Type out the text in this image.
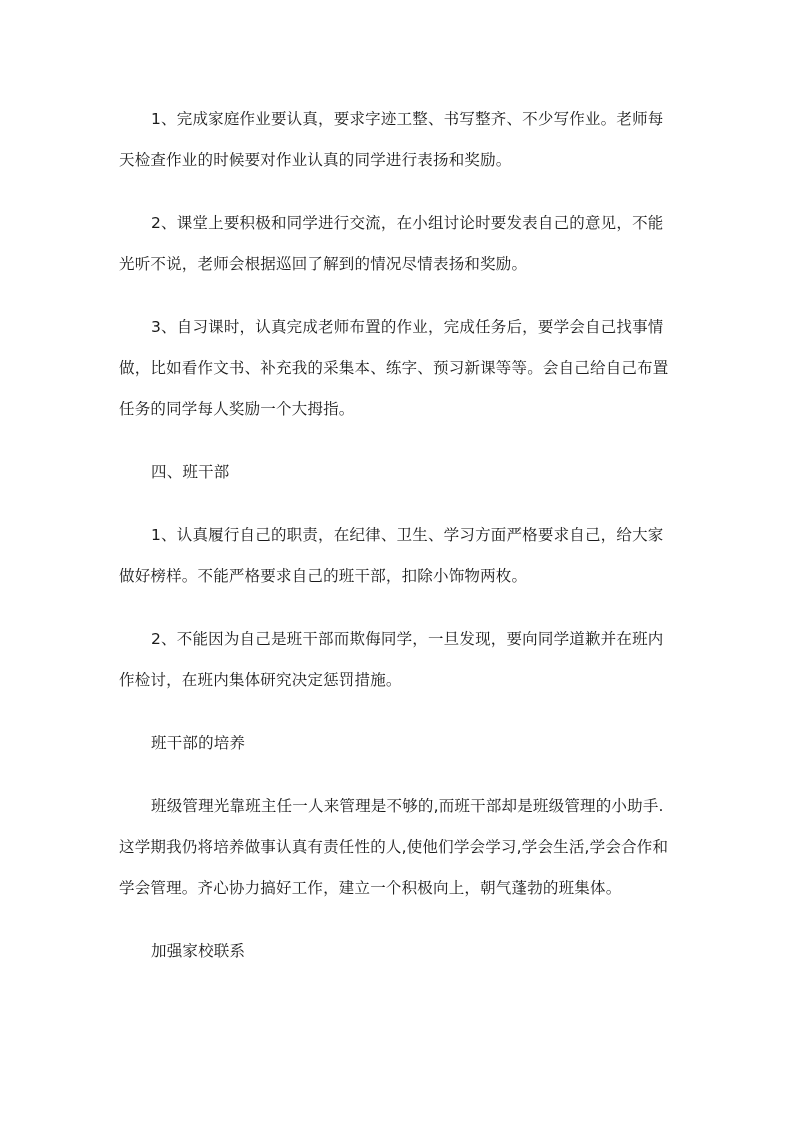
1、完成家庭作业要认真，要求字迹工整、书写整齐、不少写作业。老师每天检查作业的时候要对作业认真的同学进行表扬和奖励。

2、课堂上要积极和同学进行交流，在小组讨论时要发表自己的意见，不能光听不说，老师会根据巡回了解到的情况尽情表扬和奖励。

3、自习课时，认真完成老师布置的作业，完成任务后，要学会自己找事情做，比如看作文书、补充我的采集本、练字、预习新课等等。会自己给自己布置任务的同学每人奖励一个大拇指。

四、班干部

1、认真履行自己的职责，在纪律、卫生、学习方面严格要求自己，给大家做好榜样。不能严格要求自己的班干部，扣除小饰物两枚。

2、不能因为自己是班干部而欺侮同学，一旦发现，要向同学道歉并在班内作检讨，在班内集体研究决定惩罚措施。

班干部的培养

班级管理光靠班主任一人来管理是不够的,而班干部却是班级管理的小助手.这学期我仍将培养做事认真有责任性的人,使他们学会学习,学会生活,学会合作和学会管理。齐心协力搞好工作，建立一个积极向上，朝气蓬勃的班集体。

加强家校联系
